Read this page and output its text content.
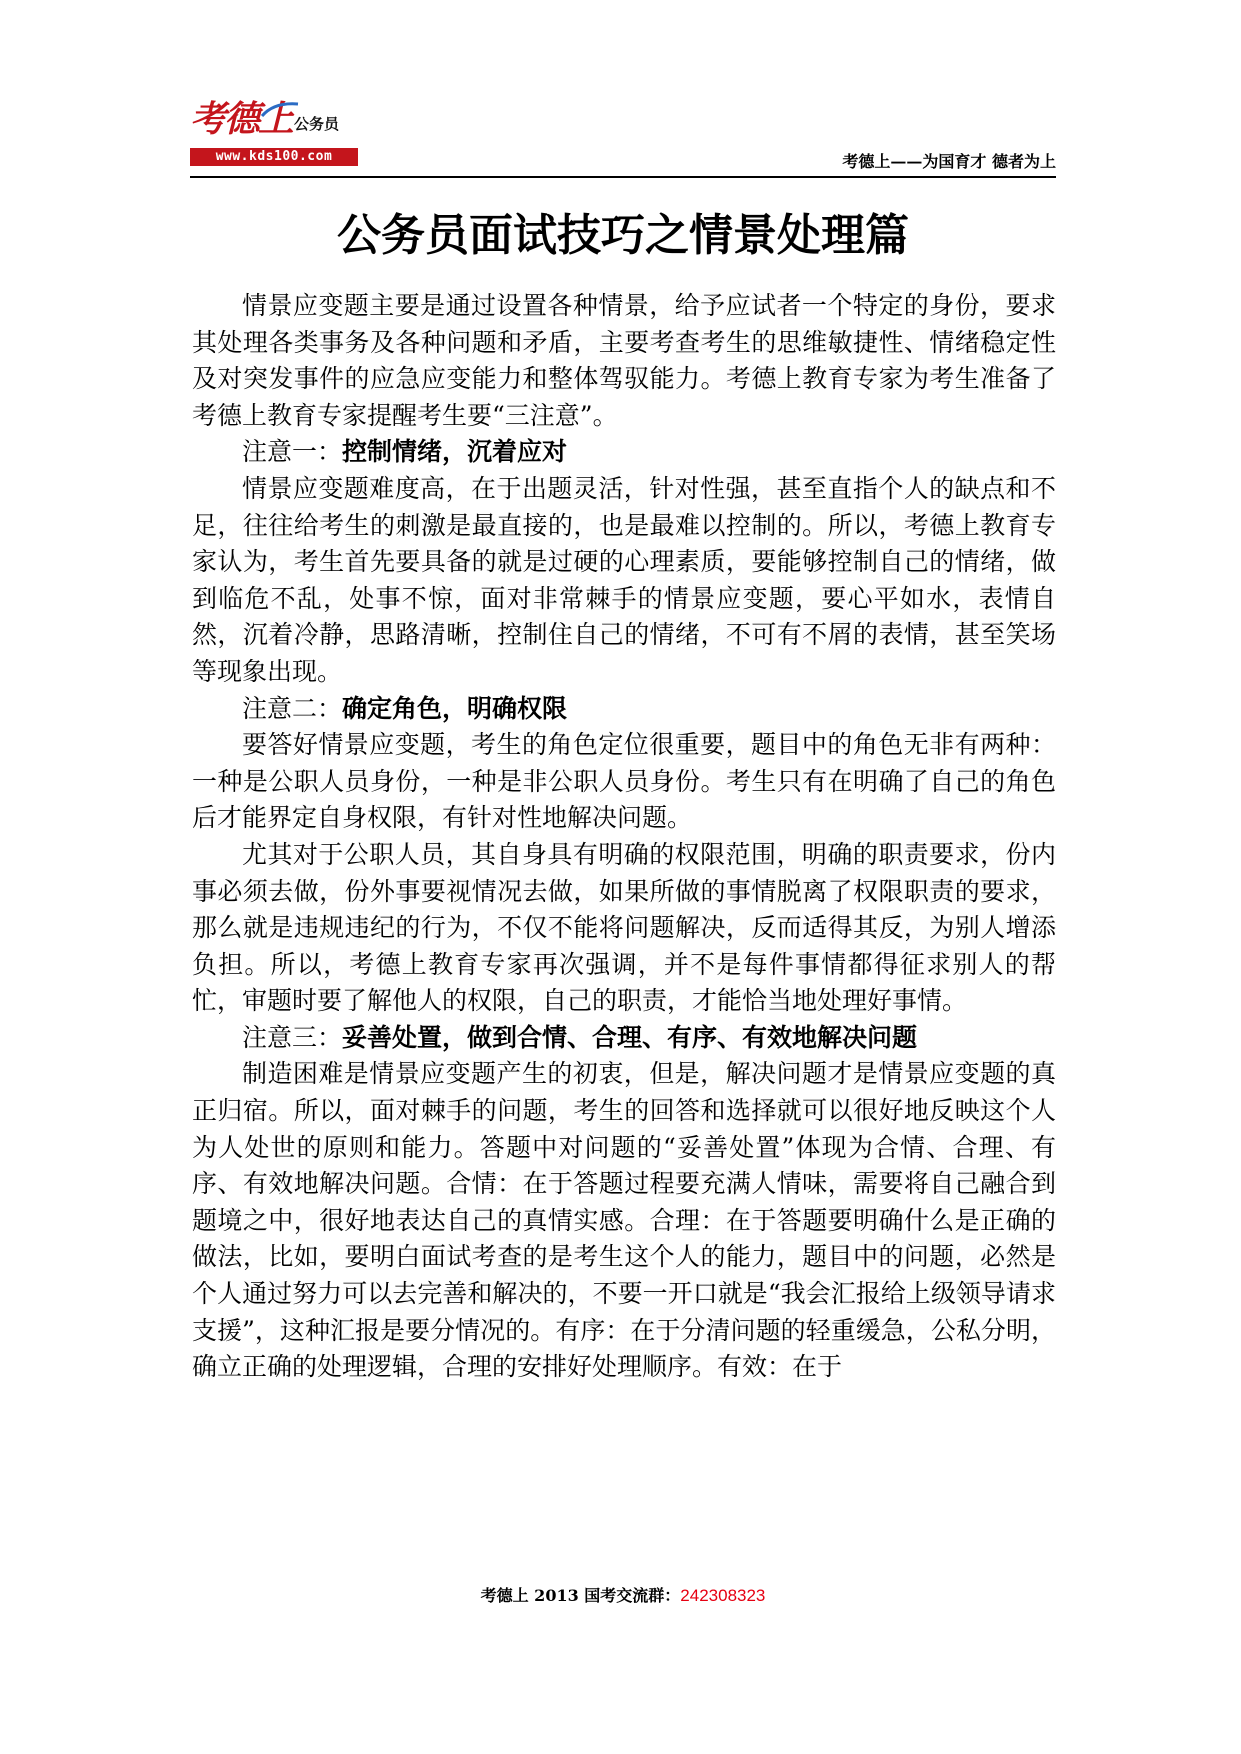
考德上 公务员
www.kds100.com	考德上——为国育才 德者为上
公务员面试技巧之情景处理篇

情景应变题主要是通过设置各种情景，给予应试者一个特定的身份，要求其处理各类事务及各种问题和矛盾，主要考查考生的思维敏捷性、情绪稳定性及对突发事件的应急应变能力和整体驾驭能力。考德上教育专家为考生准备了考德上教育专家提醒考生要“三注意”。

注意一：控制情绪，沉着应对

情景应变题难度高，在于出题灵活，针对性强，甚至直指个人的缺点和不足，往往给考生的刺激是最直接的，也是最难以控制的。所以，考德上教育专家认为，考生首先要具备的就是过硬的心理素质，要能够控制自己的情绪，做到临危不乱，处事不惊，面对非常棘手的情景应变题，要心平如水，表情自然，沉着冷静，思路清晰，控制住自己的情绪，不可有不屑的表情，甚至笑场等现象出现。

注意二：确定角色，明确权限

要答好情景应变题，考生的角色定位很重要，题目中的角色无非有两种：一种是公职人员身份，一种是非公职人员身份。考生只有在明确了自己的角色后才能界定自身权限，有针对性地解决问题。

尤其对于公职人员，其自身具有明确的权限范围，明确的职责要求，份内事必须去做，份外事要视情况去做，如果所做的事情脱离了权限职责的要求，那么就是违规违纪的行为，不仅不能将问题解决，反而适得其反，为别人增添负担。所以，考德上教育专家再次强调，并不是每件事情都得征求别人的帮忙，审题时要了解他人的权限，自己的职责，才能恰当地处理好事情。

注意三：妥善处置，做到合情、合理、有序、有效地解决问题

制造困难是情景应变题产生的初衷，但是，解决问题才是情景应变题的真正归宿。所以，面对棘手的问题，考生的回答和选择就可以很好地反映这个人为人处世的原则和能力。答题中对问题的“妥善处置”体现为合情、合理、有序、有效地解决问题。合情：在于答题过程要充满人情味，需要将自己融合到题境之中，很好地表达自己的真情实感。合理：在于答题要明确什么是正确的做法，比如，要明白面试考查的是考生这个人的能力，题目中的问题，必然是个人通过努力可以去完善和解决的，不要一开口就是“我会汇报给上级领导请求支援”，这种汇报是要分情况的。有序：在于分清问题的轻重缓急，公私分明，确立正确的处理逻辑，合理的安排好处理顺序。有效：在于

考德上 2013 国考交流群：242308323
